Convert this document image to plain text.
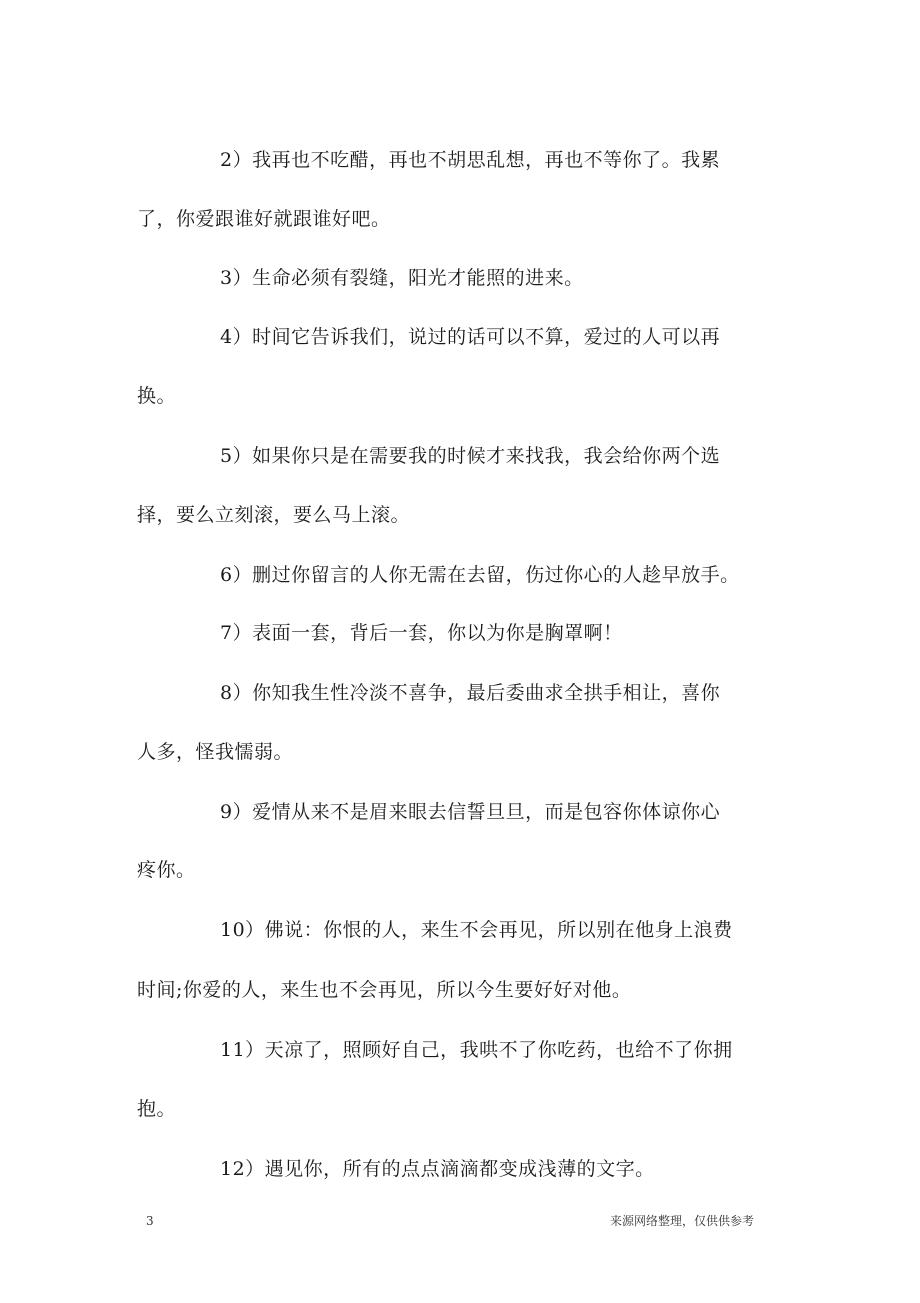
2）我再也不吃醋，再也不胡思乱想，再也不等你了。我累
了，你爱跟谁好就跟谁好吧。
3）生命必须有裂缝，阳光才能照的进来。
4）时间它告诉我们，说过的话可以不算，爱过的人可以再
换。
5）如果你只是在需要我的时候才来找我，我会给你两个选
择，要么立刻滚，要么马上滚。
6）删过你留言的人你无需在去留，伤过你心的人趁早放手。
7）表面一套，背后一套，你以为你是胸罩啊！
8）你知我生性冷淡不喜争，最后委曲求全拱手相让，喜你
人多，怪我懦弱。
9）爱情从来不是眉来眼去信誓旦旦，而是包容你体谅你心
疼你。
10）佛说：你恨的人，来生不会再见，所以别在他身上浪费
时间;你爱的人，来生也不会再见，所以今生要好好对他。
11）天凉了，照顾好自己，我哄不了你吃药，也给不了你拥
抱。
12）遇见你，所有的点点滴滴都变成浅薄的文字。
3	来源网络整理，仅供供参考
